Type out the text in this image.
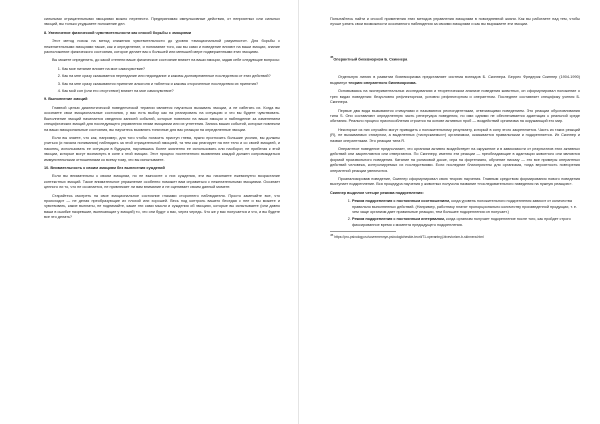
сильными отрицательными эмоциями можно перенести. Предпринимая импульсивные действия, от неприятных или сильных эмоций, вы только ухудшаете положение дел.

8. Увеличение физической чувствительности как способ борьбы с эмоциями

Этот метод похож на метод снижения чувствительности до уровня «эмоциональной разумности». Для борьбы с нежелательными эмоциями также, как и определение, и понимание того, как вы сами и поведение влияют на ваши эмоции, знание расположение физического состояния, которое делает вас к большей или меньшей мере подверженными этих эмоциям.

Вы можете определить, до какой степени ваше физическое состояние влияет на ваши эмоции, задав себе следующие вопросы:

1. Как мое питание влияет на мое самочувствие?
2. Как на мне сразу сказывается переедание или недоедание и каковы долговременные последствия от этих действий?
3. Как на мне сразу сказываются принятие алкоголя и таблеток и каковы отсроченные последствия их принятия?
4. Как мой сон (или его отсутствие) влияет на мое самочувствие?

9. Выполнение эмоций

Главной целью диалектической поведенческой терапии является научиться вызывать эмоции, а не избегать их. Когда вы осознаете свои эмоциональные состояния, у вас есть выбор как на реагировать на ситуацию и что вы будете чувствовать. Выполнение эмоций начинается сведения записей событий, которые повлекли на ваши эмоции и наблюдение за изменением специфических эмоций для последующего управления этими эмоциями или их угнетения. Запись ваших событий, которые повлекли на ваши эмоциональные состояния, вы научитесь выявлять типичные для вас реакции на определенные эмоции.

Если вы знаете, что как, например, для того чтобы погасить приступ гнева, нужно прогнозить большие усилия, вы должны учиться (и начала понимания) наблюдать за этой отрицательной эмоцией, та тем как реагирует на нее тело и со своей эмоцией, и наконец, использовать ее ситуации в будущем, научившись более жизненно ее использовать или наоборот, не прибегая к этой эмоции, которые могут возникнуть в силе к этой эмоции. Этот процесс постепенного выявления каждой должен сопровождаться иммунительными отношениями ко всему тому, что вы испытываете.

10. Внимательность к своим эмоциям без вынесения суждений

Если вы внимательны к своим эмоциям, но не выносите о них суждения, эти вы начинаете ежеминутно возрастание контекстных эмоций. Такое внимательное упражнение особенно поможет вам справиться с нежелательными эмоциями. Осознает ценного ли то, что не осознается, не привлекает ли вам внимание и не оценивает своим данный момент.

Старайтесь смотреть на свое эмоциональное состояние глазами стороннего наблюдателя. Просто замечайте все, что происходит — не делая преобразующие их плохой или хорошей. Весь под контроль вашего беседая с нее и вы можете и чувствовать, какие выплаты, не поднимайте, какие эти сами мысли и суждения об эмоциях, которые вы испытываете (или давно ваши в ошибке назревшие, выпекающие у эмоций) то, что они будут о вас, через чередь. Что же у вас получается и что, и вы будете все это делать?

Попытайтесь найти и способ применения этих методов управления эмоциями в повседневной жизни. Как вы работаете над тем, чтобы лучше узнать свои возможности осознанного наблюдения за своими эмоциями и как вы выражаете эти эмоции.

$^{45}$Оперантный бихевиоризм Б. Скиннера

Отдельную линию в развитии бихевиоризма представляет система взглядов Б. Скиннера. Беррес Фредерик Скиннер (1904-1990) выдвинул теорию оперантного бихевиоризма.

Основываясь на экспериментальных исследованиях и теоретическом анализе поведения животных, он сформулировал положение о трех видах поведения: безусловно рефлекторном, условно рефлекторном и оперантном. Последнее составляет специфику учения Б. Скиннера.

Первые два вида вызываются стимулами и называются респондентными, отвечающими поведением. Это реакции обусловливания типа S. Они составляют определенную часть репертуара поведения, но ими одними не обеспечивается адаптация к реальной среде обитания. Реально процесс приспособления строится на основе активных проб — воздействий организма на окружающий его мир.

Некоторые из них случайно могут приводить к положительному результату, который в силу этого закрепляется. Часть из таких реакций (R), не вызываемых стимулом, а выделенных («испускаемых») организмом, оказывается правильными и подкрепляется. Их Скиннер и назвал оперантными. Это реакции типа R.

Оперантное поведение предполагает, что организм активно воздействует на окружение и в зависимости от результатов этих активных действий они закрепляются или отвергаются. По Скиннеру, именно эти реакции — преобладающие в адаптации животного они являются формой произвольного поведения. Катание на роликовой доске, игра на фортепиано, обучение письму — это все примеры оперантных действий человека, контролируемых их последствиями. Если последние благоприятны для организма, тогда вероятность повторения оперантной реакции увеличится.

Проанализировав поведение, Скиннер сформулировал свою теорию научения. Главным средством формирования нового поведения выступает подкрепление. Вся процедура научения у животных получила название «последовательного наведения на нужную реакцию».

Скиннер выделил четыре режима подкрепления:

1. Режим подкрепления с постоянным соотношением, когда уровень положительного подкрепления зависит от количества правильно выполненных действий. (Например, работнику платят пропорционально количеству произведенной продукции, т. е. чем чаще организм дает правильные реакции, тем большее подкрепления он получает.)
2. Режим подкрепления с постоянным интервалом, когда организм получает подкрепление после того, как пройдет строго фиксированное время с момента предыдущего подкрепления.

$^{45}$ https://pro-psixology.ru/sovremennye-psixologicheskie-teorii/71-operantnyj-bixeviorizm-b-skinnera.html
